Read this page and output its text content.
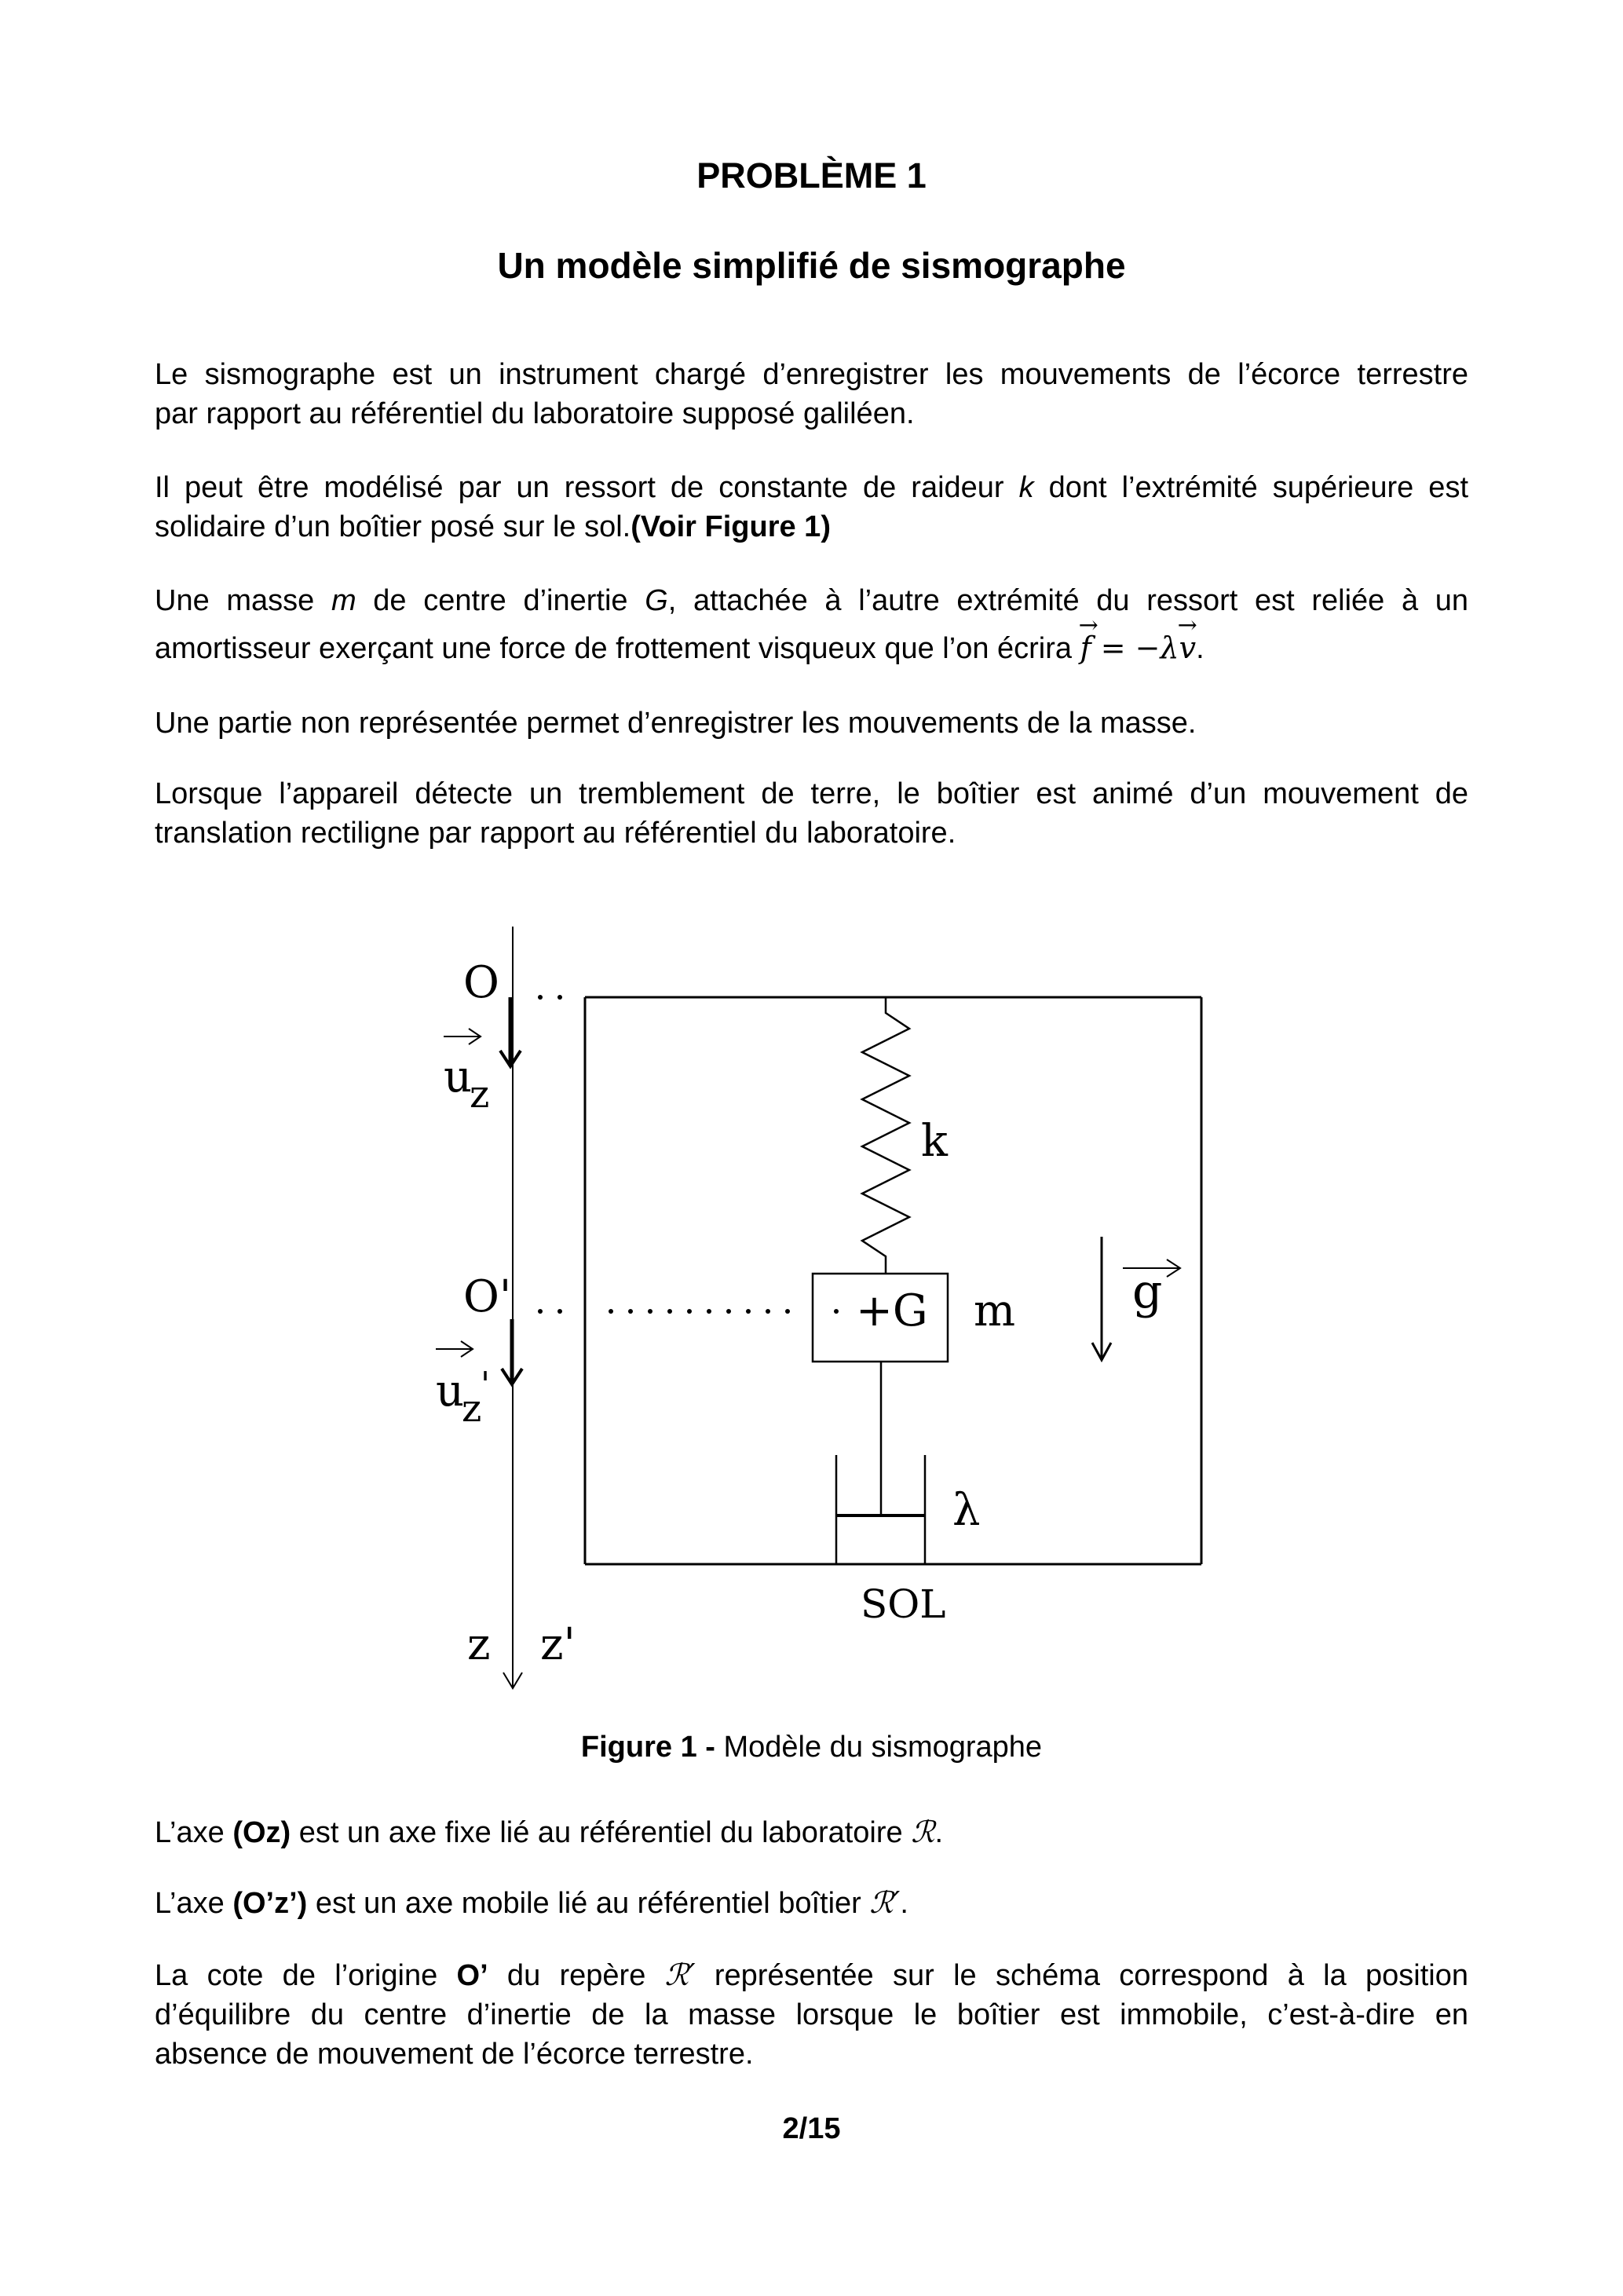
PROBLÈME 1
Un modèle simplifié de sismographe
Le sismographe est un instrument chargé d’enregistrer les mouvements de l’écorce terrestre
par rapport au référentiel du laboratoire supposé galiléen.
Il peut être modélisé par un ressort de constante de raideur k dont l’extrémité supérieure est
solidaire d’un boîtier posé sur le sol.(Voir Figure 1)
Une masse m de centre d’inertie G, attachée à l’autre extrémité du ressort est reliée à un
amortisseur exerçant une force de frottement visqueux que l’on écrira → f = −λ→ v.
Une partie non représentée permet d’enregistrer les mouvements de la masse.
Lorsque l’appareil détecte un tremblement de terre, le boîtier est animé d’un mouvement de
translation rectiligne par rapport au référentiel du laboratoire.
O
u
z
k
O'	+G m g
u
z
'
λ
SOL
z z'

Figure 1 - Modèle du sismographe

L’axe (Oz) est un axe fixe lié au référentiel du laboratoire ℛ.
L’axe (O’z’) est un axe mobile lié au référentiel boîtier ℛ′.
La cote de l’origine O’ du repère ℛ′ représentée sur le schéma correspond à la position
d’équilibre du centre d’inertie de la masse lorsque le boîtier est immobile, c’est-à-dire en
absence de mouvement de l’écorce terrestre.

2/15
